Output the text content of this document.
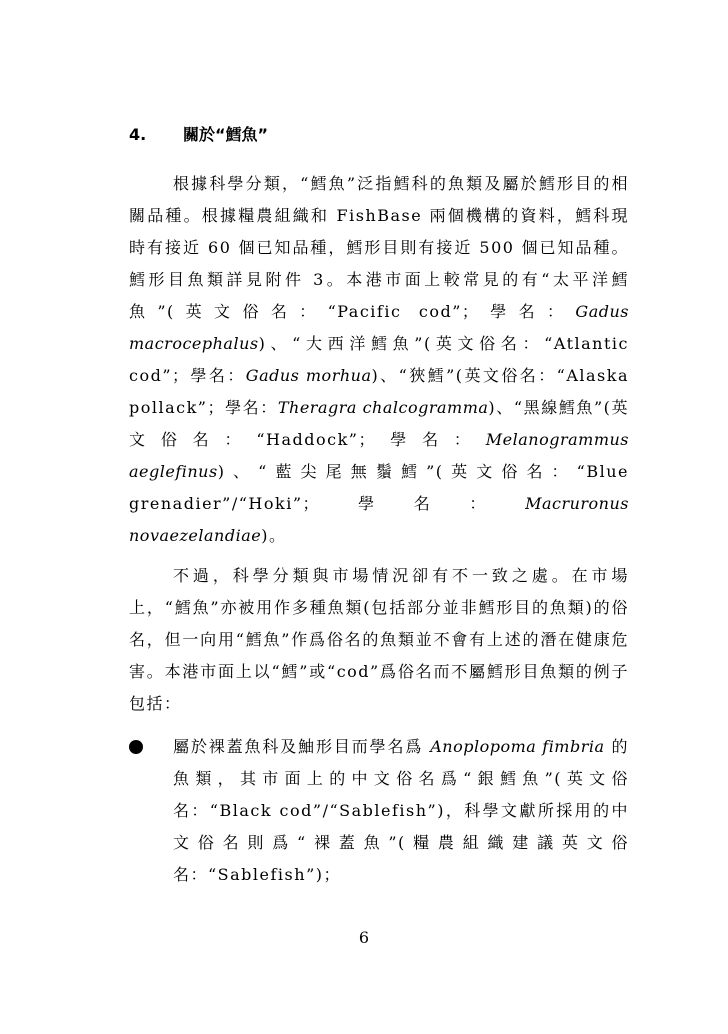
4. 關於“鱈魚”

根據科學分類，“鱈魚”泛指鱈科的魚類及屬於鱈形目的相關品種。根據糧農組織和 FishBase 兩個機構的資料，鱈科現時有接近 60 個已知品種，鱈形目則有接近 500 個已知品種。鱈形目魚類詳見附件 3。本港市面上較常見的有“太平洋鱈魚”(英文俗名：“Pacific cod”；學名：Gadus macrocephalus)、“大西洋鱈魚”(英文俗名：“Atlantic cod”；學名：Gadus morhua)、“狹鱈”(英文俗名：“Alaska pollack”；學名：Theragra chalcogramma)、“黑線鱈魚”(英文俗名：“Haddock”；學名：Melanogrammus aeglefinus)、“藍尖尾無鬚鱈”(英文俗名：“Blue grenadier”/“Hoki”；學名：Macruronus novaezelandiae)。

不過，科學分類與市場情況卻有不一致之處。在市場上，“鱈魚”亦被用作多種魚類(包括部分並非鱈形目的魚類)的俗名，但一向用“鱈魚”作爲俗名的魚類並不會有上述的潛在健康危害。本港市面上以“鱈”或“cod”爲俗名而不屬鱈形目魚類的例子包括：

屬於裸蓋魚科及鮋形目而學名爲 Anoplopoma fimbria 的魚類，其市面上的中文俗名爲“銀鱈魚”(英文俗名：“Black cod”/“Sablefish”)，科學文獻所採用的中文俗名則爲“裸蓋魚”(糧農組織建議英文俗名：“Sablefish”)；

6
